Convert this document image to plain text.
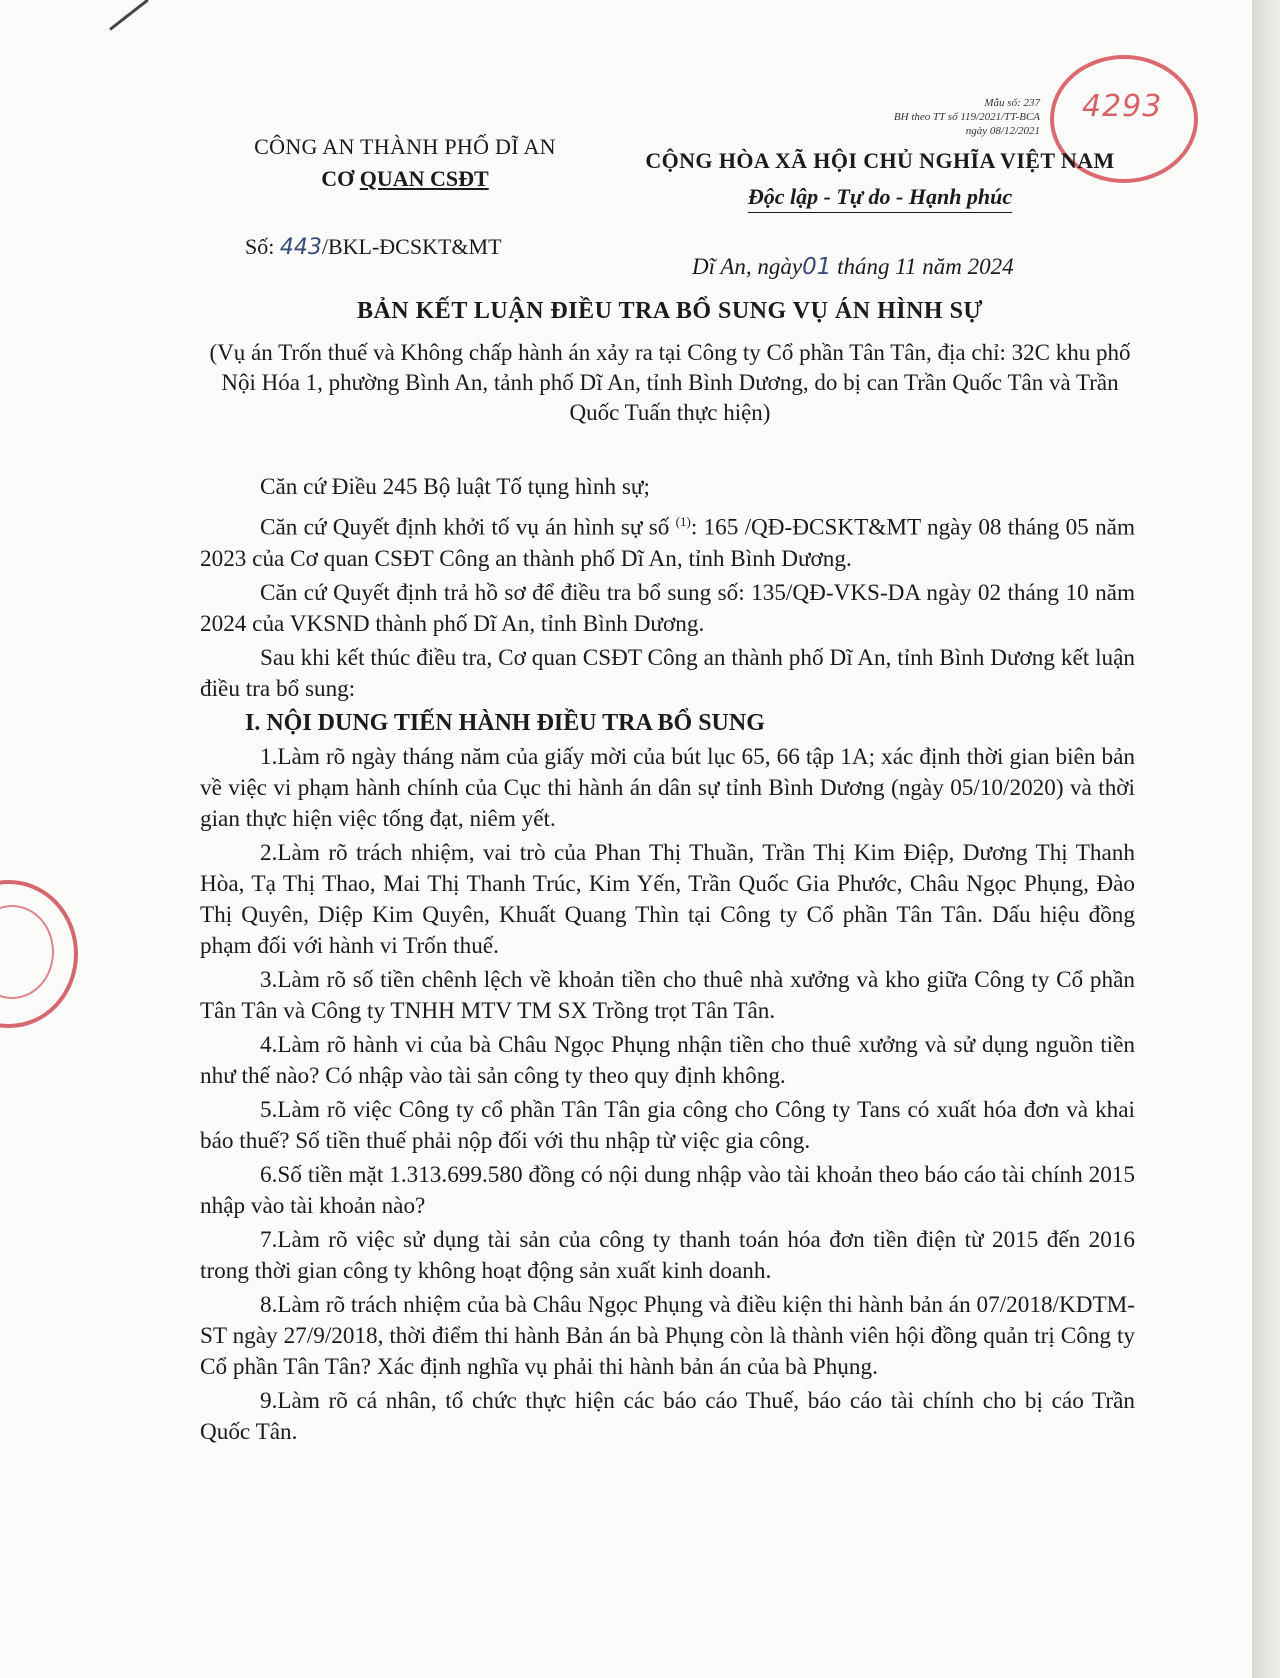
4293
Mẫu số: 237
BH theo TT số 119/2021/TT-BCA
ngày 08/12/2021
CÔNG AN THÀNH PHỐ DĨ AN
CƠ QUAN CSĐT
CỘNG HÒA XÃ HỘI CHỦ NGHĨA VIỆT NAM
Độc lập - Tự do - Hạnh phúc
Số: 443/BKL-ĐCSKT&MT
Dĩ An, ngày01 tháng 11 năm 2024
BẢN KẾT LUẬN ĐIỀU TRA BỔ SUNG VỤ ÁN HÌNH SỰ
(Vụ án Trốn thuế và Không chấp hành án xảy ra tại Công ty Cổ phần Tân Tân, địa chỉ: 32C khu phố Nội Hóa 1, phường Bình An, tảnh phố Dĩ An, tỉnh Bình Dương, do bị can Trần Quốc Tân và Trần Quốc Tuấn thực hiện)

Căn cứ Điều 245 Bộ luật Tố tụng hình sự;

Căn cứ Quyết định khởi tố vụ án hình sự số $^{(1)}$: 165 /QĐ-ĐCSKT&MT ngày 08 tháng 05 năm 2023 của Cơ quan CSĐT Công an thành phố Dĩ An, tỉnh Bình Dương.

Căn cứ Quyết định trả hồ sơ để điều tra bổ sung số: 135/QĐ-VKS-DA ngày 02 tháng 10 năm 2024 của VKSND thành phố Dĩ An, tỉnh Bình Dương.

Sau khi kết thúc điều tra, Cơ quan CSĐT Công an thành phố Dĩ An, tỉnh Bình Dương kết luận điều tra bổ sung:

I. NỘI DUNG TIẾN HÀNH ĐIỀU TRA BỔ SUNG

1.Làm rõ ngày tháng năm của giấy mời của bút lục 65, 66 tập 1A; xác định thời gian biên bản về việc vi phạm hành chính của Cục thi hành án dân sự tỉnh Bình Dương (ngày 05/10/2020) và thời gian thực hiện việc tống đạt, niêm yết.

2.Làm rõ trách nhiệm, vai trò của Phan Thị Thuần, Trần Thị Kim Điệp, Dương Thị Thanh Hòa, Tạ Thị Thao, Mai Thị Thanh Trúc, Kim Yến, Trần Quốc Gia Phước, Châu Ngọc Phụng, Đào Thị Quyên, Diệp Kim Quyên, Khuất Quang Thìn tại Công ty Cổ phần Tân Tân. Dấu hiệu đồng phạm đối với hành vi Trốn thuế.

3.Làm rõ số tiền chênh lệch về khoản tiền cho thuê nhà xưởng và kho giữa Công ty Cổ phần Tân Tân và Công ty TNHH MTV TM SX Trồng trọt Tân Tân.

4.Làm rõ hành vi của bà Châu Ngọc Phụng nhận tiền cho thuê xưởng và sử dụng nguồn tiền như thế nào? Có nhập vào tài sản công ty theo quy định không.

5.Làm rõ việc Công ty cổ phần Tân Tân gia công cho Công ty Tans có xuất hóa đơn và khai báo thuế? Số tiền thuế phải nộp đối với thu nhập từ việc gia công.

6.Số tiền mặt 1.313.699.580 đồng có nội dung nhập vào tài khoản theo báo cáo tài chính 2015 nhập vào tài khoản nào?

7.Làm rõ việc sử dụng tài sản của công ty thanh toán hóa đơn tiền điện từ 2015 đến 2016 trong thời gian công ty không hoạt động sản xuất kinh doanh.

8.Làm rõ trách nhiệm của bà Châu Ngọc Phụng và điều kiện thi hành bản án 07/2018/KDTM-ST ngày 27/9/2018, thời điểm thi hành Bản án bà Phụng còn là thành viên hội đồng quản trị Công ty Cổ phần Tân Tân? Xác định nghĩa vụ phải thi hành bản án của bà Phụng.

9.Làm rõ cá nhân, tổ chức thực hiện các báo cáo Thuế, báo cáo tài chính cho bị cáo Trần Quốc Tân.
